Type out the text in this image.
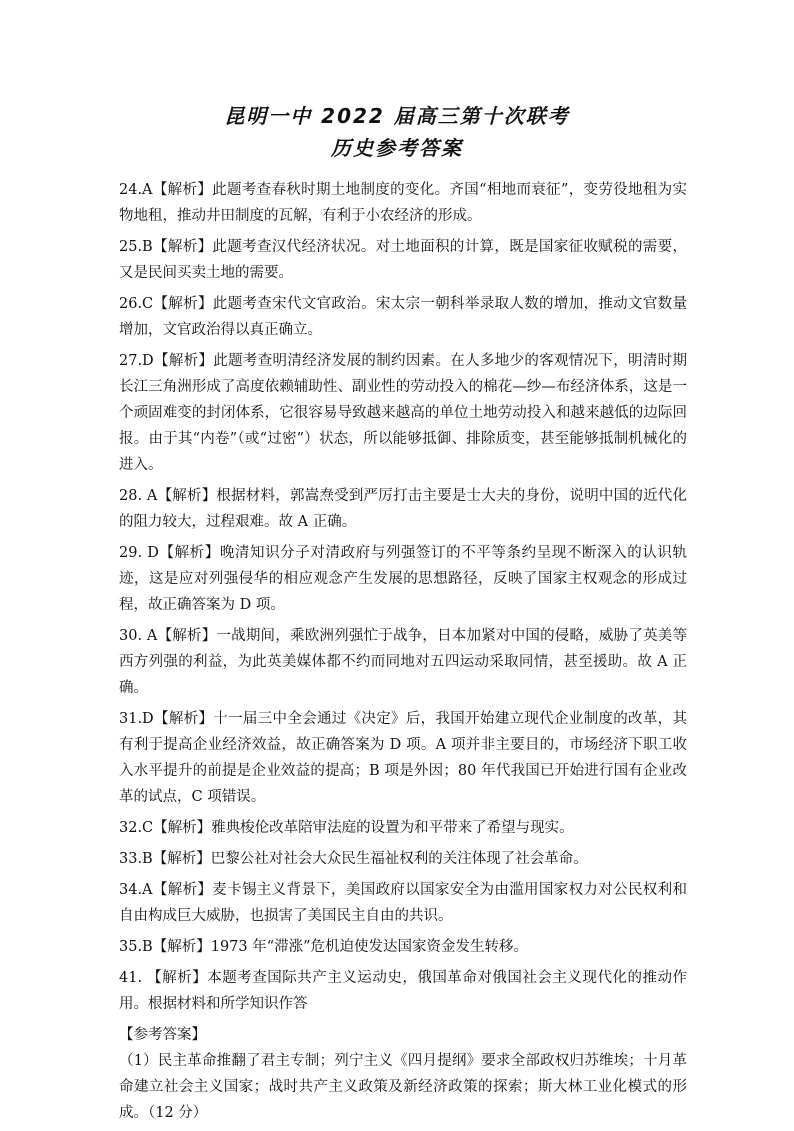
昆明一中 2022 届高三第十次联考
历史参考答案

24.A【解析】此题考查春秋时期土地制度的变化。齐国“相地而衰征”，变劳役地租为实物地租，推动井田制度的瓦解，有利于小农经济的形成。

25.B【解析】此题考查汉代经济状况。对土地面积的计算，既是国家征收赋税的需要，又是民间买卖土地的需要。

26.C【解析】此题考查宋代文官政治。宋太宗一朝科举录取人数的增加，推动文官数量增加，文官政治得以真正确立。

27.D【解析】此题考查明清经济发展的制约因素。在人多地少的客观情况下，明清时期长江三角洲形成了高度依赖辅助性、副业性的劳动投入的棉花—纱—布经济体系，这是一个顽固难变的封闭体系，它很容易导致越来越高的单位土地劳动投入和越来越低的边际回报。由于其“内卷”（或“过密”）状态，所以能够抵御、排除质变，甚至能够抵制机械化的进入。

28. A【解析】根据材料，郭嵩焘受到严厉打击主要是士大夫的身份，说明中国的近代化的阻力较大，过程艰难。故 A 正确。

29. D【解析】晚清知识分子对清政府与列强签订的不平等条约呈现不断深入的认识轨迹，这是应对列强侵华的相应观念产生发展的思想路径，反映了国家主权观念的形成过程，故正确答案为 D 项。

30. A【解析】一战期间，乘欧洲列强忙于战争，日本加紧对中国的侵略，威胁了英美等西方列强的利益，为此英美媒体都不约而同地对五四运动采取同情，甚至援助。故 A 正确。

31.D【解析】十一届三中全会通过《决定》后，我国开始建立现代企业制度的改革，其有利于提高企业经济效益，故正确答案为 D 项。A 项并非主要目的，市场经济下职工收入水平提升的前提是企业效益的提高；B 项是外因；80 年代我国已开始进行国有企业改革的试点，C 项错误。

32.C【解析】雅典梭伦改革陪审法庭的设置为和平带来了希望与现实。

33.B【解析】巴黎公社对社会大众民生福祉权利的关注体现了社会革命。

34.A【解析】麦卡锡主义背景下，美国政府以国家安全为由滥用国家权力对公民权利和自由构成巨大威胁，也损害了美国民主自由的共识。

35.B【解析】1973 年“滞涨”危机迫使发达国家资金发生转移。

41. 【解析】本题考查国际共产主义运动史，俄国革命对俄国社会主义现代化的推动作用。根据材料和所学知识作答

【参考答案】

（1）民主革命推翻了君主专制；列宁主义《四月提纲》要求全部政权归苏维埃；十月革命建立社会主义国家；战时共产主义政策及新经济政策的探索；斯大林工业化模式的形成。（12 分）
